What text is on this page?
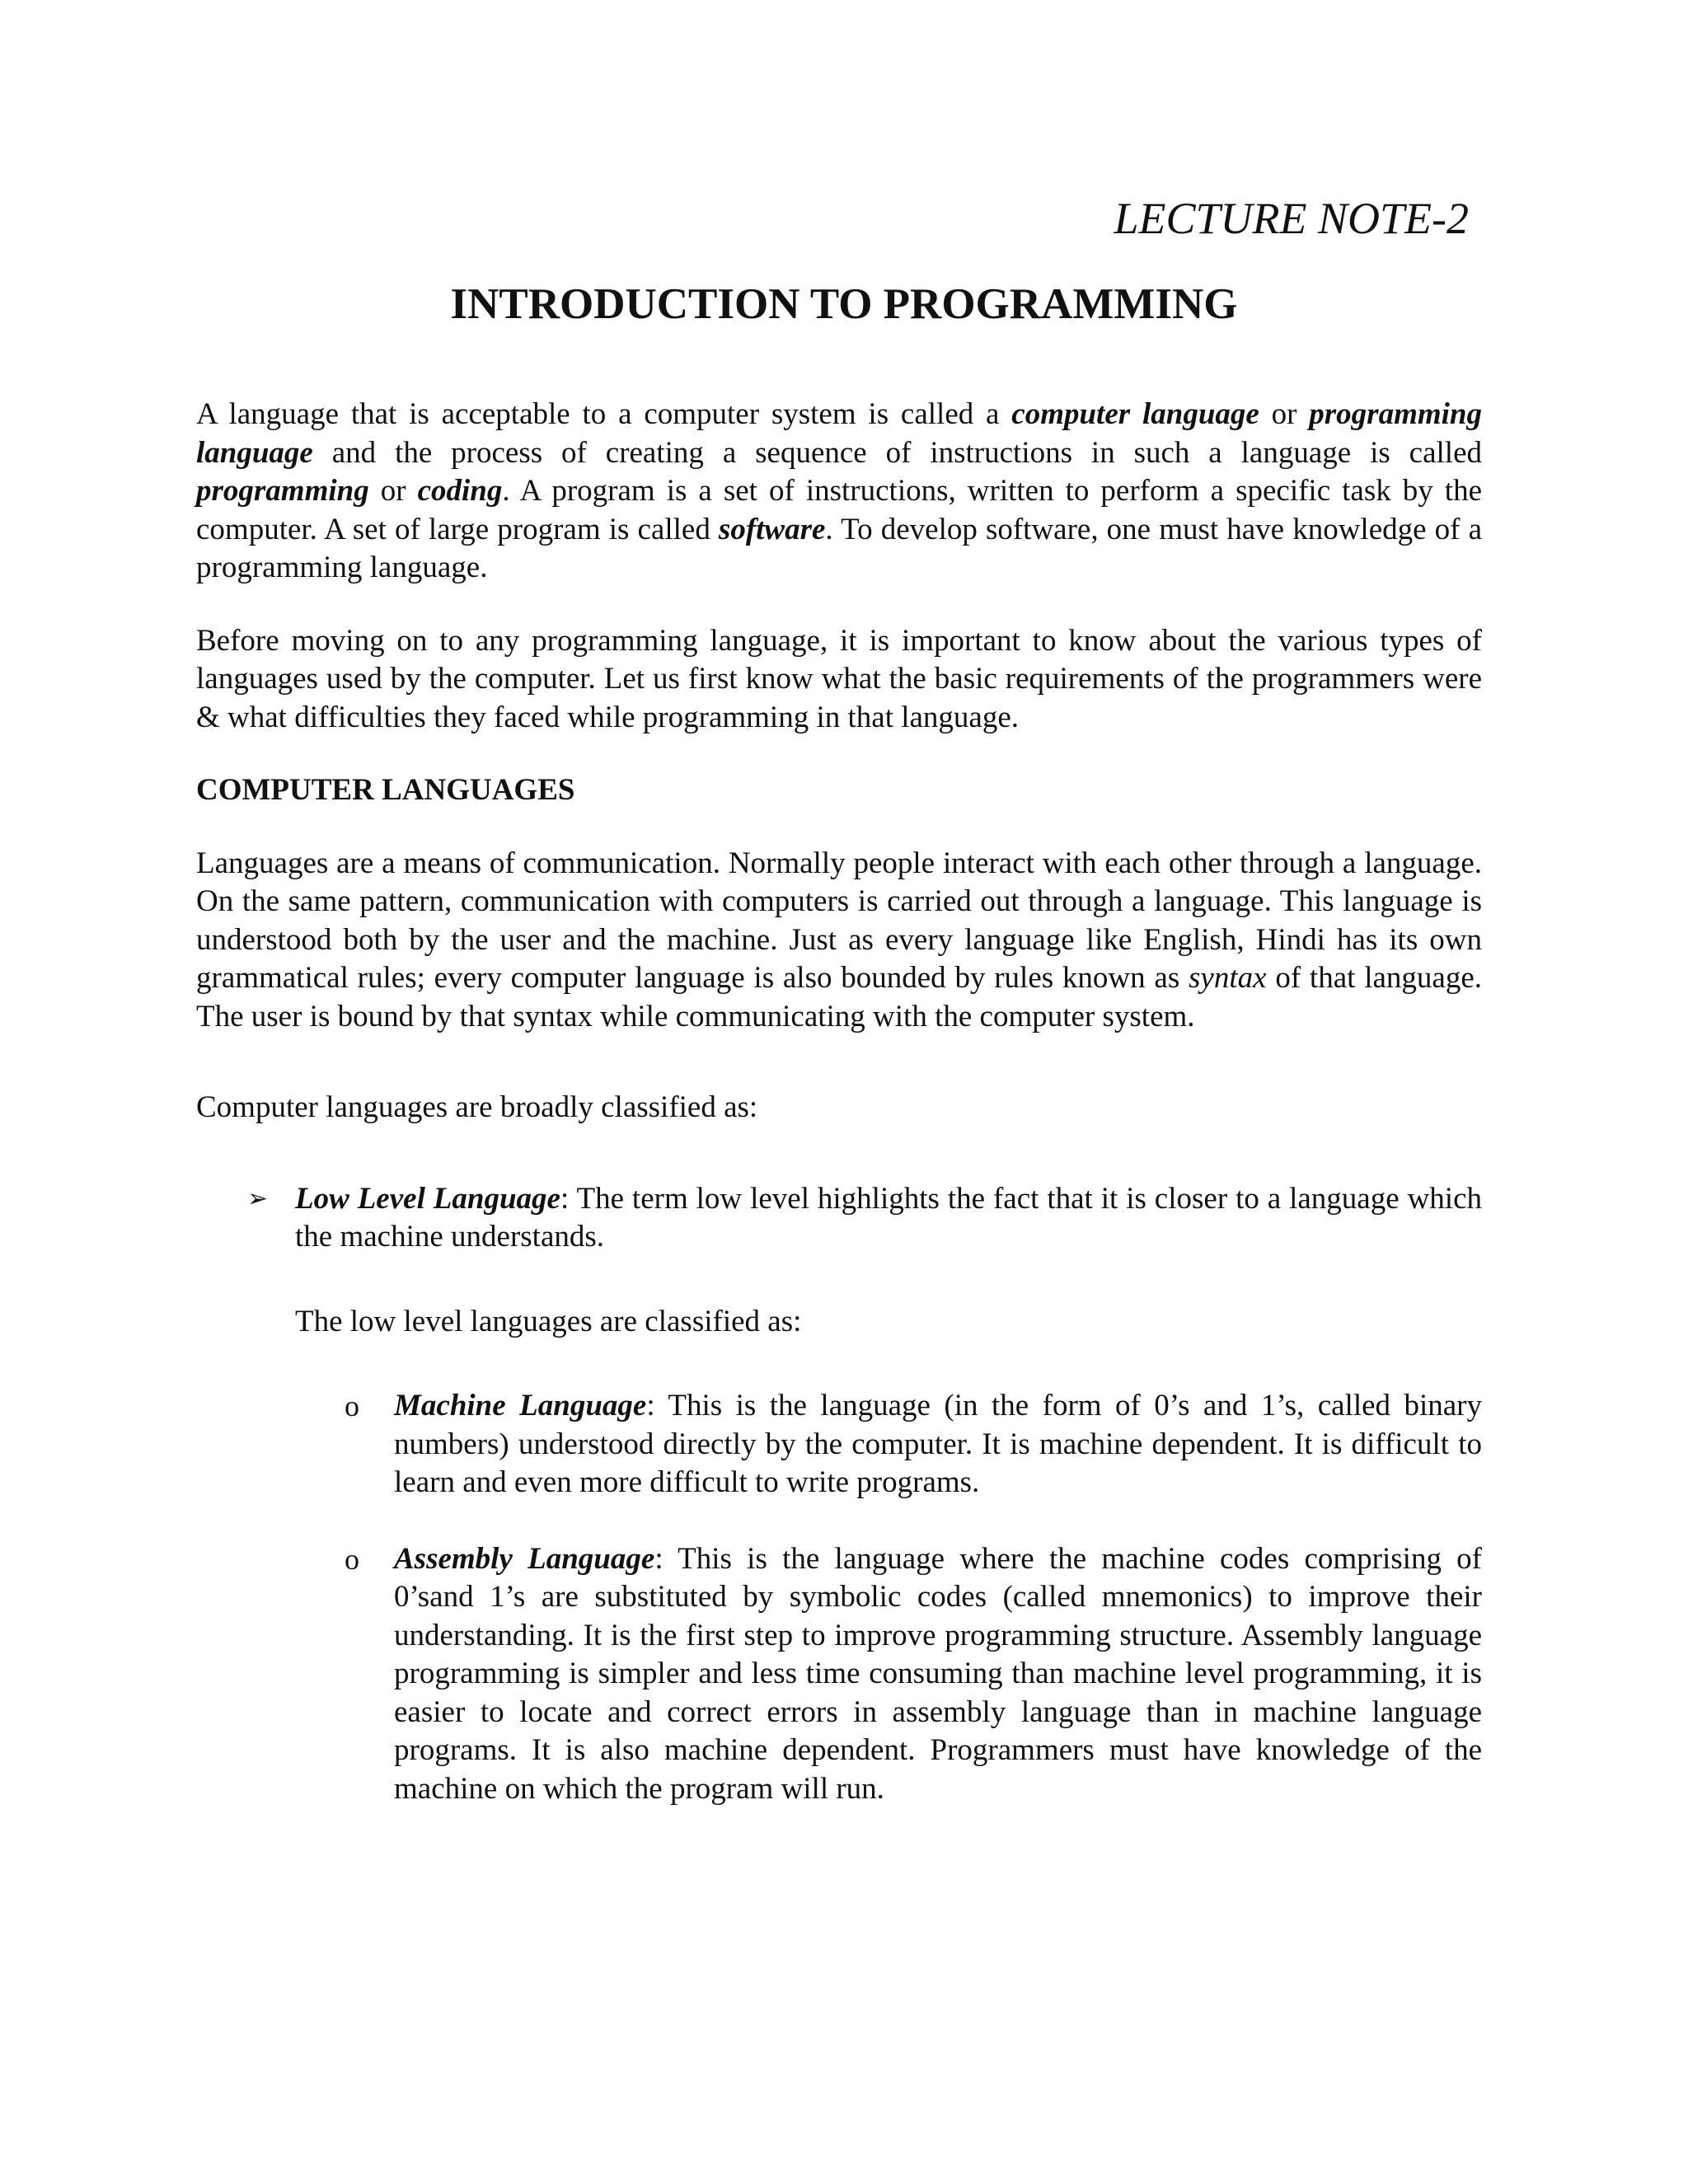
LECTURE NOTE-2
INTRODUCTION TO PROGRAMMING

A language that is acceptable to a computer system is called a computer language or programming language and the process of creating a sequence of instructions in such a language is called programming or coding. A program is a set of instructions, written to perform a specific task by the computer. A set of large program is called software. To develop software, one must have knowledge of a programming language.

Before moving on to any programming language, it is important to know about the various types of languages used by the computer. Let us first know what the basic requirements of the programmers were & what difficulties they faced while programming in that language.

COMPUTER LANGUAGES

Languages are a means of communication. Normally people interact with each other through a language. On the same pattern, communication with computers is carried out through a language. This language is understood both by the user and the machine. Just as every language like English, Hindi has its own grammatical rules; every computer language is also bounded by rules known as syntax of that language. The user is bound by that syntax while communicating with the computer system.

Computer languages are broadly classified as:

➢ Low Level Language: The term low level highlights the fact that it is closer to a language which the machine understands.

The low level languages are classified as:

o Machine Language: This is the language (in the form of 0’s and 1’s, called binary numbers) understood directly by the computer. It is machine dependent. It is difficult to learn and even more difficult to write programs.

o Assembly Language: This is the language where the machine codes comprising of 0’sand 1’s are substituted by symbolic codes (called mnemonics) to improve their understanding. It is the first step to improve programming structure. Assembly language programming is simpler and less time consuming than machine level programming, it is easier to locate and correct errors in assembly language than in machine language programs. It is also machine dependent. Programmers must have knowledge of the machine on which the program will run.
